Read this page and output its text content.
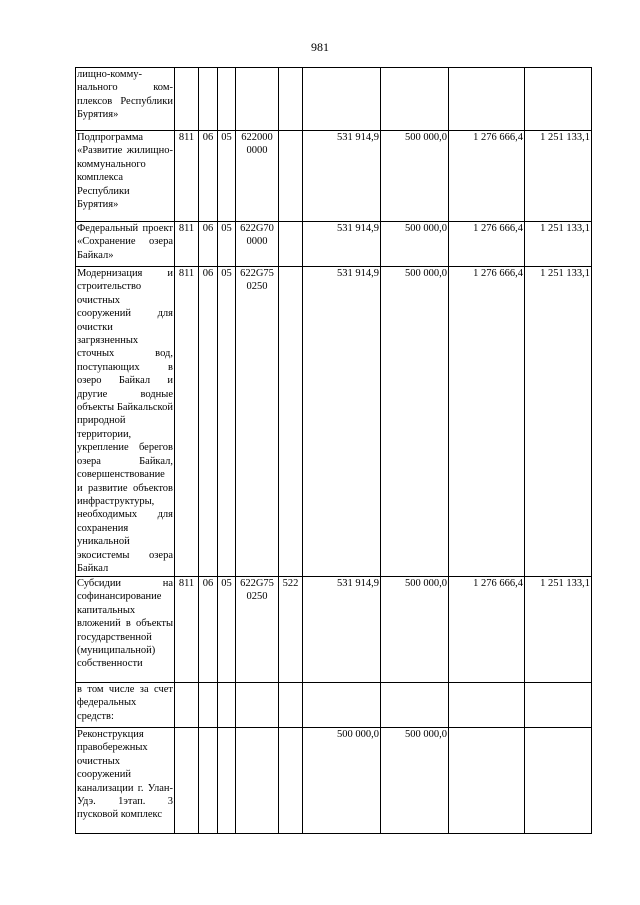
981
лищно-комму-нального ком-плексов Республики Бурятия»									
Подпрограмма «Развитие жилищно-коммунального комплекса Республики Бурятия»	811	06	05	622000 0000		531 914,9	500 000,0	1 276 666,4	1 251 133,1
Федеральный проект «Сохранение озера Байкал»	811	06	05	622G70 0000		531 914,9	500 000,0	1 276 666,4	1 251 133,1
Модернизация и строительство очистных сооружений для очистки загрязненных сточных вод, поступающих в озеро Байкал и другие водные объекты Байкальской природной территории, укрепление берегов озера Байкал, совершенствование и развитие объектов инфраструктуры, необходимых для сохранения уникальной экосистемы озера Байкал	811	06	05	622G75 0250		531 914,9	500 000,0	1 276 666,4	1 251 133,1
Субсидии на софинансирование капитальных вложений в объекты государственной (муниципальной) собственности	811	06	05	622G75 0250	522	531 914,9	500 000,0	1 276 666,4	1 251 133,1
в том числе за счет федеральных средств:									
Реконструкция правобережных очистных сооружений канализации г. Улан-Удэ. 1этап. 3 пусковой комплекс						500 000,0	500 000,0		
